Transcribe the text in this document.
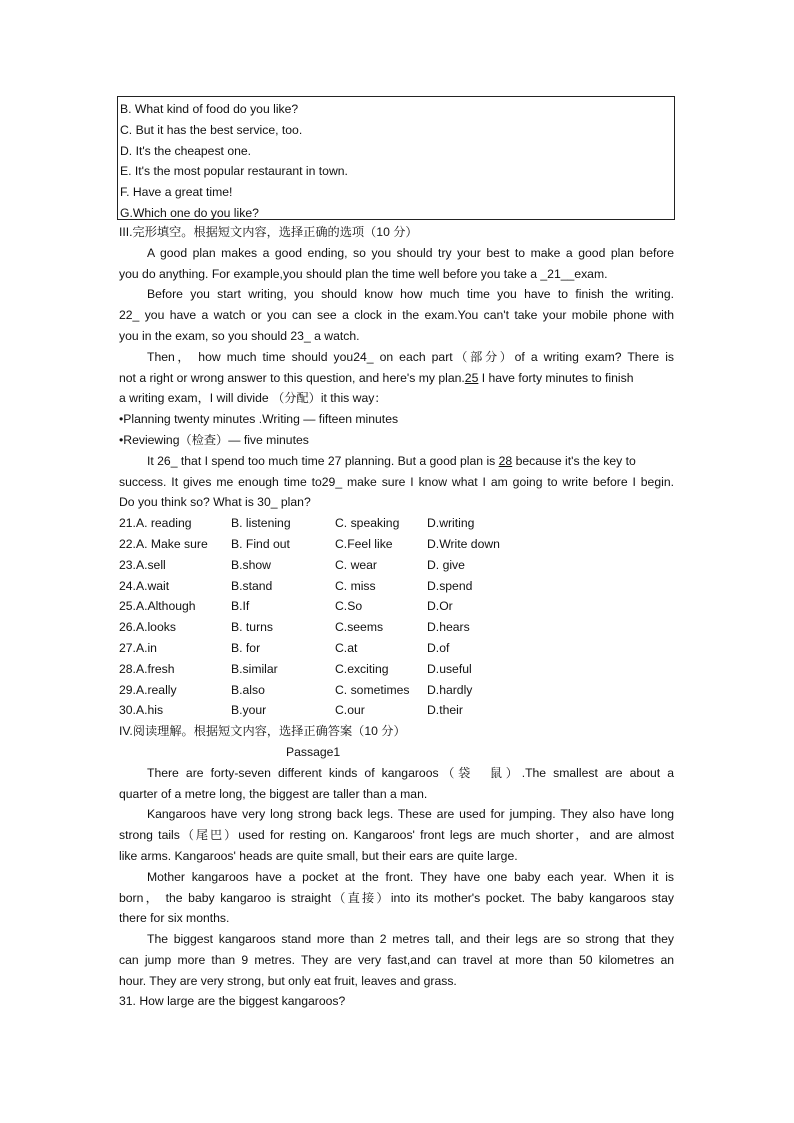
B. What kind of food do you like?
C. But it has the best service, too.
D. It's the cheapest one.
E. It's the most popular restaurant in town.
F. Have a great time!
G.Which one do you like?
III.完形填空。根据短文内容，选择正确的选项（10 分）
A good plan makes a good ending, so you should try your best to make a good plan before
you do anything. For example,you should plan the time well before you take a _21__exam.
Before you start writing, you should know how much time you have to finish the writing.
22_ you have a watch or you can see a clock in the exam.You can't take your mobile phone with
you in the exam, so you should 23_ a watch.
Then， how much time should you24_ on each part（部分）of a writing exam? There is
not a right or wrong answer to this question, and here's my plan.25 I have forty minutes to finish
a writing exam，I will divide （分配）it this way：
•Planning twenty minutes .Writing — fifteen minutes
•Reviewing（检查）— five minutes
It 26_ that I spend too much time 27 planning. But a good plan is 28 because it's the key to
success. It gives me enough time to29_ make sure I know what I am going to write before I begin.
Do you think so? What is 30_ plan?
21.A. reading	B. listening	C. speaking	D.writing
22.A. Make sure	B. Find out	C.Feel like	D.Write down
23.A.sell	B.show	C. wear	D. give
24.A.wait	B.stand	C. miss	D.spend
25.A.Although	B.If	C.So	D.Or
26.A.looks	B. turns	C.seems	D.hears
27.A.in	B. for	C.at	D.of
28.A.fresh	B.similar	C.exciting	D.useful
29.A.really	B.also	C. sometimes	D.hardly
30.A.his	B.your	C.our	D.their
IV.阅读理解。根据短文内容，选择正确答案（10 分）
Passage1
There are forty-seven different kinds of kangaroos（袋　鼠）.The smallest are about a
quarter of a metre long, the biggest are taller than a man.
Kangaroos have very long strong back legs. These are used for jumping. They also have long
strong tails（尾巴）used for resting on. Kangaroos' front legs are much shorter，and are almost
like arms. Kangaroos' heads are quite small, but their ears are quite large.
Mother kangaroos have a pocket at the front. They have one baby each year. When it is
born， the baby kangaroo is straight（直接）into its mother's pocket. The baby kangaroos stay
there for six months.
The biggest kangaroos stand more than 2 metres tall, and their legs are so strong that they
can jump more than 9 metres. They are very fast,and can travel at more than 50 kilometres an
hour. They are very strong, but only eat fruit, leaves and grass.
31. How large are the biggest kangaroos?
